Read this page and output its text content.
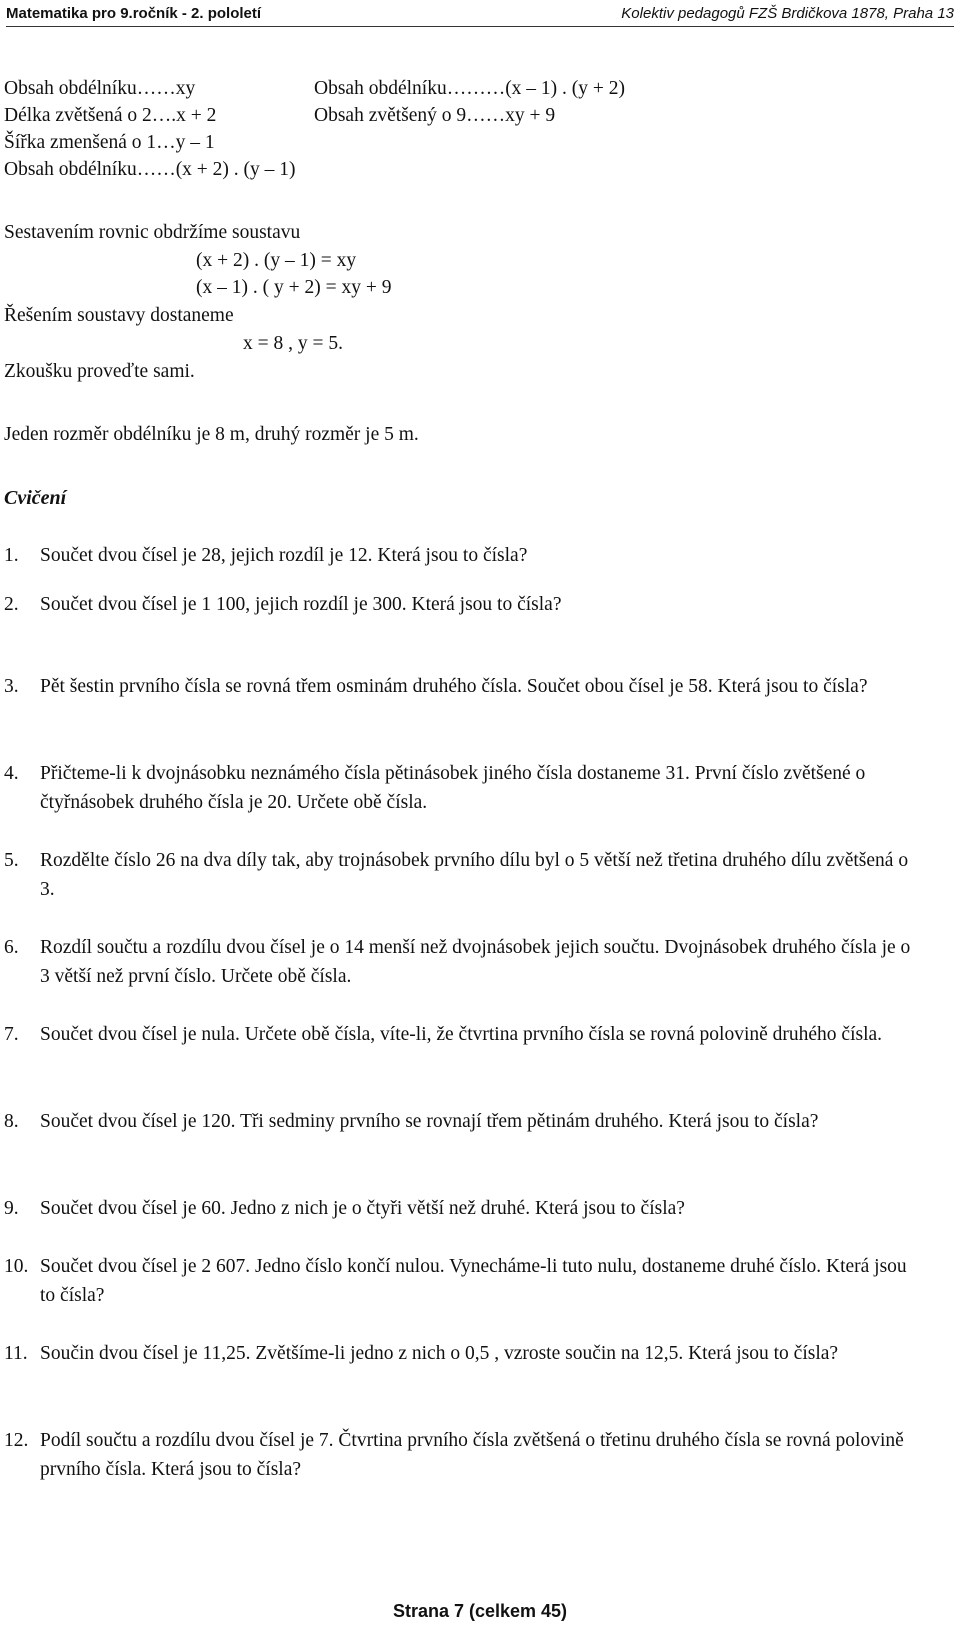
Matematika pro 9.ročník - 2. pololetí	Kolektiv pedagogů FZŠ Brdičkova 1878, Praha 13
Obsah obdélníku……xy	Obsah obdélníku………(x – 1) . (y + 2)
Délka zvětšená o 2….x + 2	Obsah zvětšený o 9……xy + 9
Šířka zmenšená o 1…y – 1
Obsah obdélníku……(x + 2) . (y – 1)
Sestavením rovnic obdržíme soustavu
(x + 2) . (y – 1) = xy
(x – 1) . ( y + 2) = xy + 9
Řešením soustavy dostaneme
x = 8 , y = 5.
Zkoušku proveďte sami.
Jeden rozměr obdélníku je 8 m, druhý rozměr je 5 m.
Cvičení
1. Součet dvou čísel je 28, jejich rozdíl je 12. Která jsou to čísla?
2. Součet dvou čísel je 1 100, jejich rozdíl je 300. Která jsou to čísla?
3. Pět šestin prvního čísla se rovná třem osminám druhého čísla. Součet obou čísel je 58. Která jsou to čísla?
4. Přičteme-li k dvojnásobku neznámého čísla pětinásobek jiného čísla dostaneme 31. První číslo zvětšené o čtyřnásobek druhého čísla je 20. Určete obě čísla.
5. Rozdělte číslo 26 na dva díly tak, aby trojnásobek prvního dílu byl o 5 větší než třetina druhého dílu zvětšená o 3.
6. Rozdíl součtu a rozdílu dvou čísel je o 14 menší než dvojnásobek jejich součtu. Dvojnásobek druhého čísla je o 3 větší než první číslo. Určete obě čísla.
7. Součet dvou čísel je nula. Určete obě čísla, víte-li, že čtvrtina prvního čísla se rovná polovině druhého čísla.
8. Součet dvou čísel je 120. Tři sedminy prvního se rovnají třem pětinám druhého. Která jsou to čísla?
9. Součet dvou čísel je 60. Jedno z nich je o čtyři větší než druhé. Která jsou to čísla?
10. Součet dvou čísel je 2 607. Jedno číslo končí nulou. Vynecháme-li tuto nulu, dostaneme druhé číslo. Která jsou to čísla?
11. Součin dvou čísel je 11,25. Zvětšíme-li jedno z nich o 0,5 , vzroste součin na 12,5. Která jsou to čísla?
12. Podíl součtu a rozdílu dvou čísel je 7. Čtvrtina prvního čísla zvětšená o třetinu druhého čísla se rovná polovině prvního čísla. Která jsou to čísla?
Strana 7 (celkem 45)
